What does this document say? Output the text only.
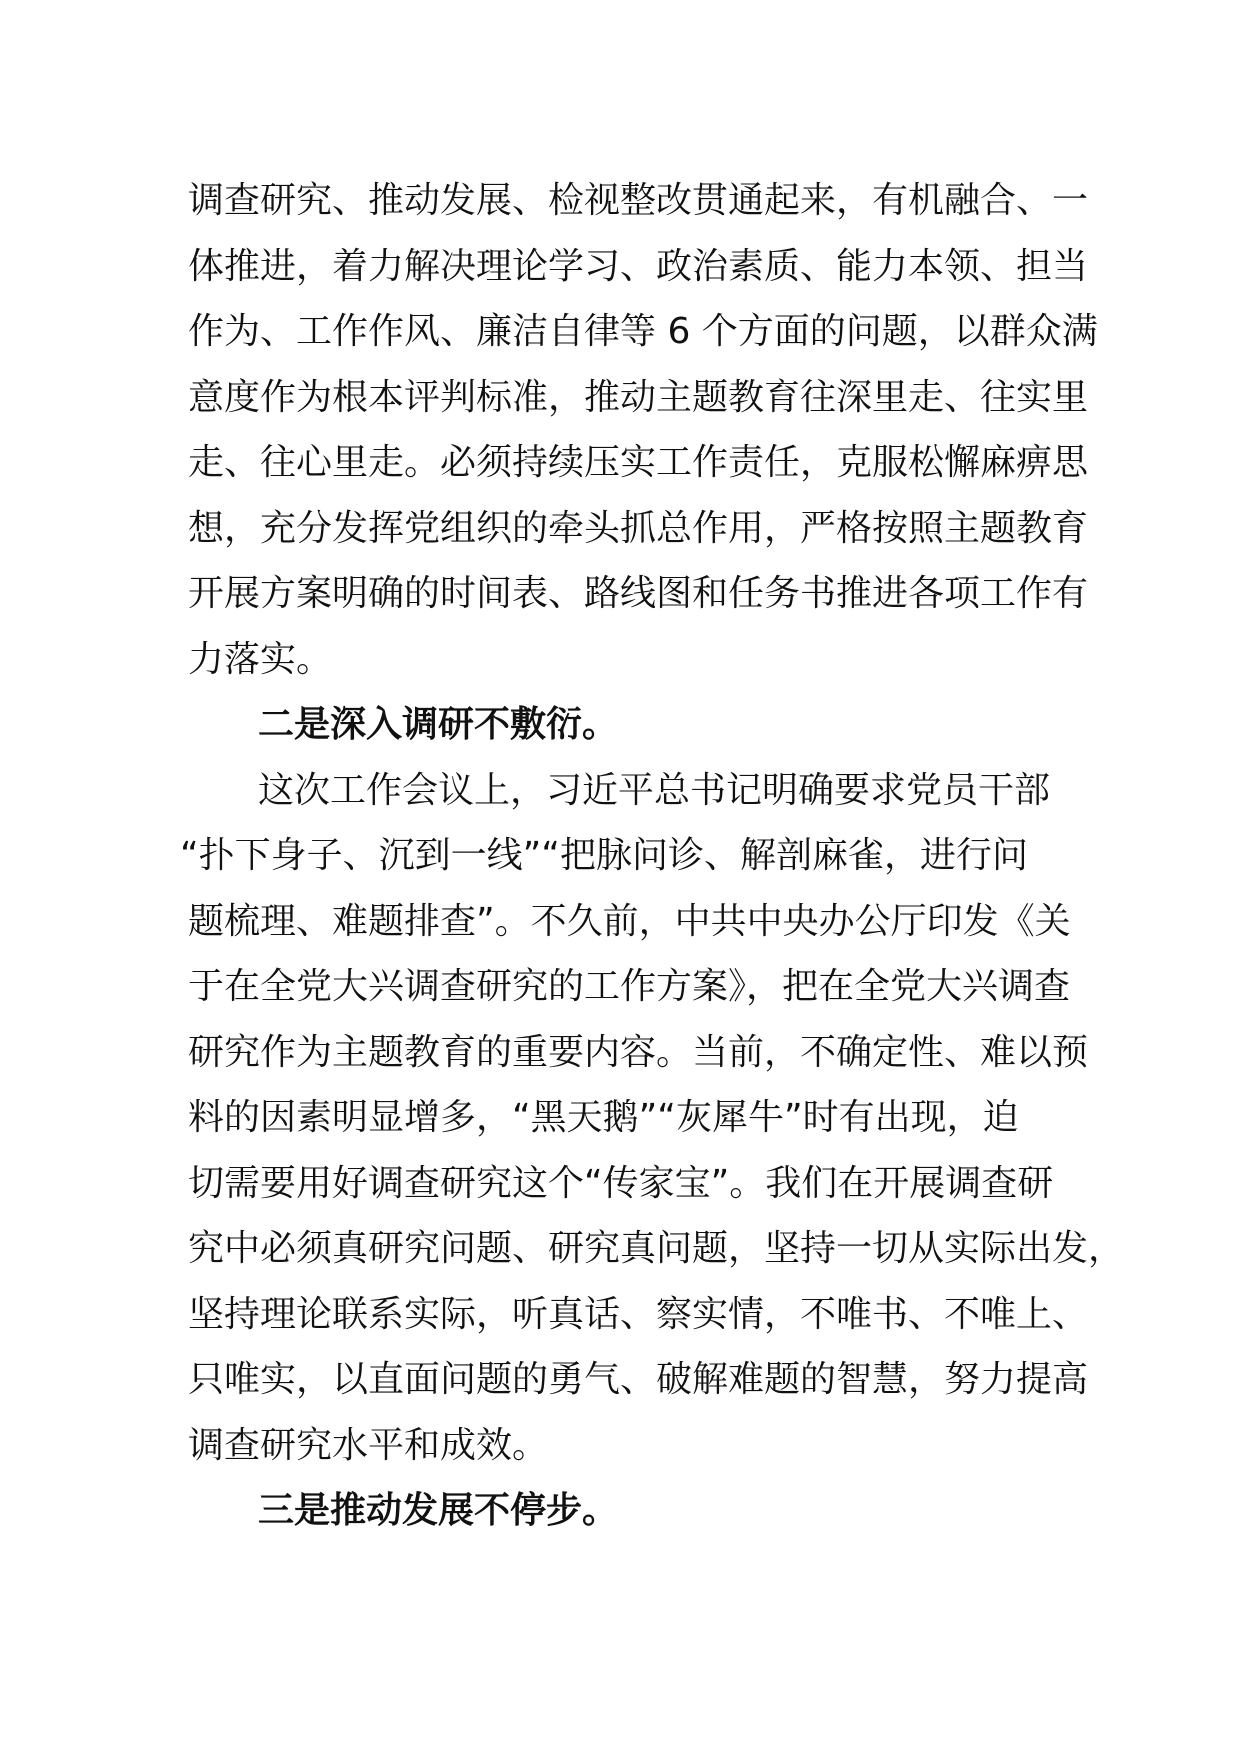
调查研究、推动发展、检视整改贯通起来，有机融合、一
体推进，着力解决理论学习、政治素质、能力本领、担当
作为、工作作风、廉洁自律等 6 个方面的问题，以群众满
意度作为根本评判标准，推动主题教育往深里走、往实里
走、往心里走。必须持续压实工作责任，克服松懈麻痹思
想，充分发挥党组织的牵头抓总作用，严格按照主题教育
开展方案明确的时间表、路线图和任务书推进各项工作有
力落实。
二是深入调研不敷衍。
这次工作会议上，习近平总书记明确要求党员干部
“扑下身子、沉到一线”“把脉问诊、解剖麻雀，进行问
题梳理、难题排查”。不久前，中共中央办公厅印发《关
于在全党大兴调查研究的工作方案》，把在全党大兴调查
研究作为主题教育的重要内容。当前，不确定性、难以预
料的因素明显增多，“黑天鹅”“灰犀牛”时有出现，迫
切需要用好调查研究这个“传家宝”。我们在开展调查研
究中必须真研究问题、研究真问题，坚持一切从实际出发，
坚持理论联系实际，听真话、察实情，不唯书、不唯上、
只唯实，以直面问题的勇气、破解难题的智慧，努力提高
调查研究水平和成效。
三是推动发展不停步。
